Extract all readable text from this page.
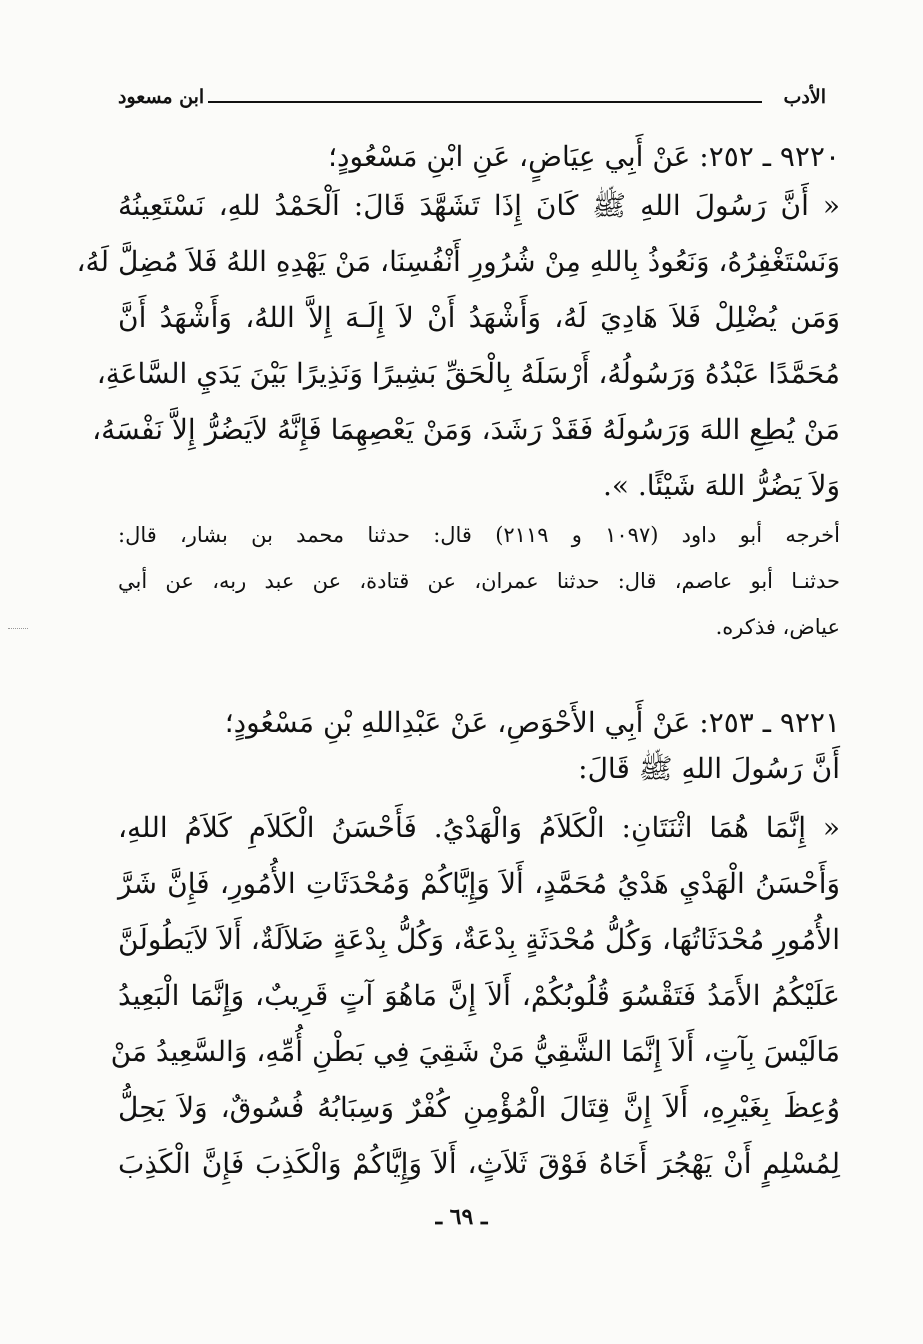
ابن مسعود	الأدب
٩٢٢٠ ـ ٢٥٢: عَنْ أَبِي عِيَاضٍ، عَنِ ابْنِ مَسْعُودٍ؛
« أَنَّ رَسُولَ اللهِ ﷺ كَانَ إِذَا تَشَهَّدَ قَالَ: اَلْحَمْدُ للهِ، نَسْتَعِينُهُ
وَنَسْتَغْفِرُهُ، وَنَعُوذُ بِاللهِ مِنْ شُرُورِ أَنْفُسِنَا، مَنْ يَهْدِهِ اللهُ فَلاَ مُضِلَّ لَهُ،
وَمَن يُضْلِلْ فَلاَ هَادِيَ لَهُ، وَأَشْهَدُ أَنْ لاَ إِلَـهَ إِلاَّ اللهُ، وَأَشْهَدُ أَنَّ
مُحَمَّدًا عَبْدُهُ وَرَسُولُهُ، أَرْسَلَهُ بِالْحَقِّ بَشِيرًا وَنَذِيرًا بَيْنَ يَدَيِ السَّاعَةِ،
مَنْ يُطِعِ اللهَ وَرَسُولَهُ فَقَدْ رَشَدَ، وَمَنْ يَعْصِهِمَا فَإِنَّهُ لاَيَضُرُّ إِلاَّ نَفْسَهُ،
وَلاَ يَضُرُّ اللهَ شَيْئًا. ».
أخرجه أبو داود (١٠٩٧ و ٢١١٩) قال: حدثنا محمد بن بشار، قال:
حدثنـا أبو عاصم، قال: حدثنا عمران، عن قتادة، عن عبد ربه، عن أبي
عياض، فذكره.
٩٢٢١ ـ ٢٥٣: عَنْ أَبِي الأَحْوَصِ، عَنْ عَبْدِاللهِ بْنِ مَسْعُودٍ؛
أَنَّ رَسُولَ اللهِ ﷺ قَالَ:
« إِنَّمَا هُمَا اثْنَتَانِ: الْكَلاَمُ وَالْهَدْيُ. فَأَحْسَنُ الْكَلاَمِ كَلاَمُ اللهِ،
وَأَحْسَنُ الْهَدْيِ هَدْيُ مُحَمَّدٍ، أَلاَ وَإِيَّاكُمْ وَمُحْدَثَاتِ الأُمُورِ، فَإِنَّ شَرَّ
الأُمُورِ مُحْدَثَاتُهَا، وَكُلُّ مُحْدَثَةٍ بِدْعَةٌ، وَكُلُّ بِدْعَةٍ ضَلاَلَةٌ، أَلاَ لاَيَطُولَنَّ
عَلَيْكُمُ الأَمَدُ فَتَقْسُوَ قُلُوبُكُمْ، أَلاَ إِنَّ مَاهُوَ آتٍ قَرِيبٌ، وَإِنَّمَا الْبَعِيدُ
مَالَيْسَ بِآتٍ، أَلاَ إِنَّمَا الشَّقِيُّ مَنْ شَقِيَ فِي بَطْنِ أُمِّهِ، وَالسَّعِيدُ مَنْ
وُعِظَ بِغَيْرِهِ، أَلاَ إِنَّ قِتَالَ الْمُؤْمِنِ كُفْرٌ وَسِبَابُهُ فُسُوقٌ، وَلاَ يَحِلُّ
لِمُسْلِمٍ أَنْ يَهْجُرَ أَخَاهُ فَوْقَ ثَلاَثٍ، أَلاَ وَإِيَّاكُمْ وَالْكَذِبَ فَإِنَّ الْكَذِبَ
ـ ٦٩ ـ
